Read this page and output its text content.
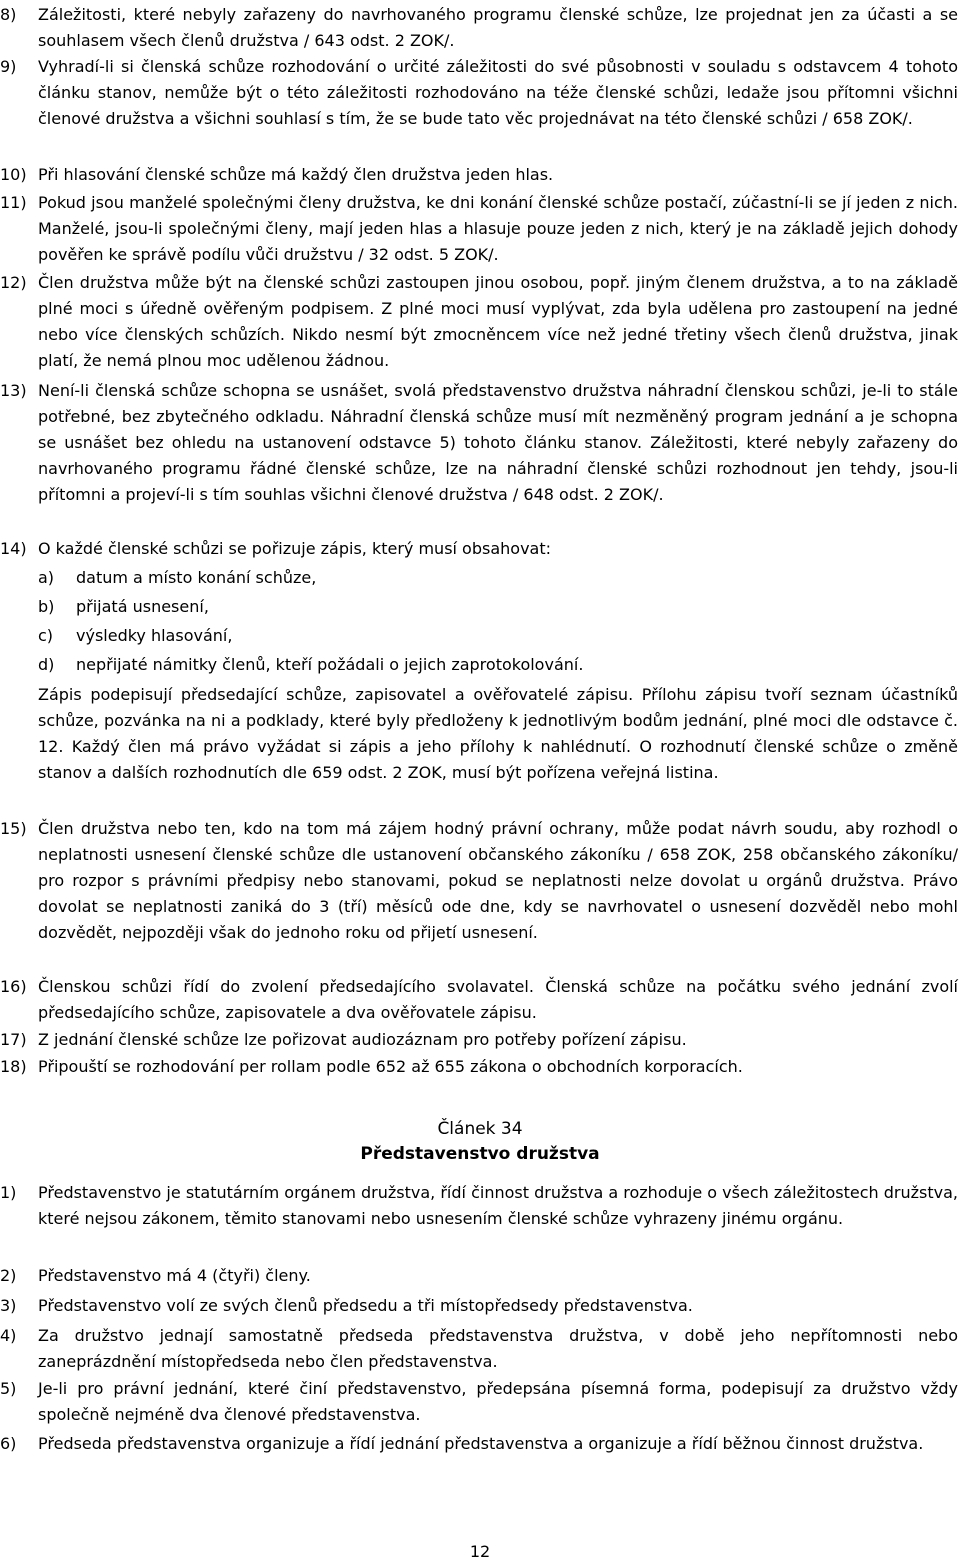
8) Záležitosti, které nebyly zařazeny do navrhovaného programu členské schůze, lze projednat jen za účasti a se souhlasem všech členů družstva / 643 odst. 2 ZOK/.
9) Vyhradí-li si členská schůze rozhodování o určité záležitosti do své působnosti v souladu s odstavcem 4 tohoto článku stanov, nemůže být o této záležitosti rozhodováno na téže členské schůzi, ledaže jsou přítomni všichni členové družstva a všichni souhlasí s tím, že se bude tato věc projednávat na této členské schůzi / 658 ZOK/.
10) Při hlasování členské schůze má každý člen družstva jeden hlas.
11) Pokud jsou manželé společnými členy družstva, ke dni konání členské schůze postačí, zúčastní-li se jí jeden z nich. Manželé, jsou-li společnými členy, mají jeden hlas a hlasuje pouze jeden z nich, který je na základě jejich dohody pověřen ke správě podílu vůči družstvu / 32 odst. 5 ZOK/.
12) Člen družstva může být na členské schůzi zastoupen jinou osobou, popř. jiným členem družstva, a to na základě plné moci s úředně ověřeným podpisem. Z plné moci musí vyplývat, zda byla udělena pro zastoupení na jedné nebo více členských schůzích. Nikdo nesmí být zmocněncem více než jedné třetiny všech členů družstva, jinak platí, že nemá plnou moc udělenou žádnou.
13) Není-li členská schůze schopna se usnášet, svolá představenstvo družstva náhradní členskou schůzi, je-li to stále potřebné, bez zbytečného odkladu. Náhradní členská schůze musí mít nezměněný program jednání a je schopna se usnášet bez ohledu na ustanovení odstavce 5) tohoto článku stanov. Záležitosti, které nebyly zařazeny do navrhovaného programu řádné členské schůze, lze na náhradní členské schůzi rozhodnout jen tehdy, jsou-li přítomni a projeví-li s tím souhlas všichni členové družstva / 648 odst. 2 ZOK/.
14) O každé členské schůzi se pořizuje zápis, který musí obsahovat:
a) datum a místo konání schůze,
b) přijatá usnesení,
c) výsledky hlasování,
d) nepřijaté námitky členů, kteří požádali o jejich zaprotokolování.
Zápis podepisují předsedající schůze, zapisovatel a ověřovatelé zápisu. Přílohu zápisu tvoří seznam účastníků schůze, pozvánka na ni a podklady, které byly předloženy k jednotlivým bodům jednání, plné moci dle odstavce č. 12. Každý člen má právo vyžádat si zápis a jeho přílohy k nahlédnutí. O rozhodnutí členské schůze o změně stanov a dalších rozhodnutích dle 659 odst. 2 ZOK, musí být pořízena veřejná listina.
15) Člen družstva nebo ten, kdo na tom má zájem hodný právní ochrany, může podat návrh soudu, aby rozhodl o neplatnosti usnesení členské schůze dle ustanovení občanského zákoníku / 658 ZOK, 258 občanského zákoníku/ pro rozpor s právními předpisy nebo stanovami, pokud se neplatnosti nelze dovolat u orgánů družstva. Právo dovolat se neplatnosti zaniká do 3 (tří) měsíců ode dne, kdy se navrhovatel o usnesení dozvěděl nebo mohl dozvědět, nejpozději však do jednoho roku od přijetí usnesení.
16) Členskou schůzi řídí do zvolení předsedajícího svolavatel. Členská schůze na počátku svého jednání zvolí předsedajícího schůze, zapisovatele a dva ověřovatele zápisu.
17) Z jednání členské schůze lze pořizovat audiozáznam pro potřeby pořízení zápisu.
18) Připouští se rozhodování per rollam podle 652 až 655 zákona o obchodních korporacích.
Článek 34
Představenstvo družstva
1) Představenstvo je statutárním orgánem družstva, řídí činnost družstva a rozhoduje o všech záležitostech družstva, které nejsou zákonem, těmito stanovami nebo usnesením členské schůze vyhrazeny jinému orgánu.
2) Představenstvo má 4 (čtyři) členy.
3) Představenstvo volí ze svých členů předsedu a tři místopředsedy představenstva.
4) Za družstvo jednají samostatně předseda představenstva družstva, v době jeho nepřítomnosti nebo zaneprázdnění místopředseda nebo člen představenstva.
5) Je-li pro právní jednání, které činí představenstvo, předepsána písemná forma, podepisují za družstvo vždy společně nejméně dva členové představenstva.
6) Předseda představenstva organizuje a řídí jednání představenstva a organizuje a řídí běžnou činnost družstva.
12
